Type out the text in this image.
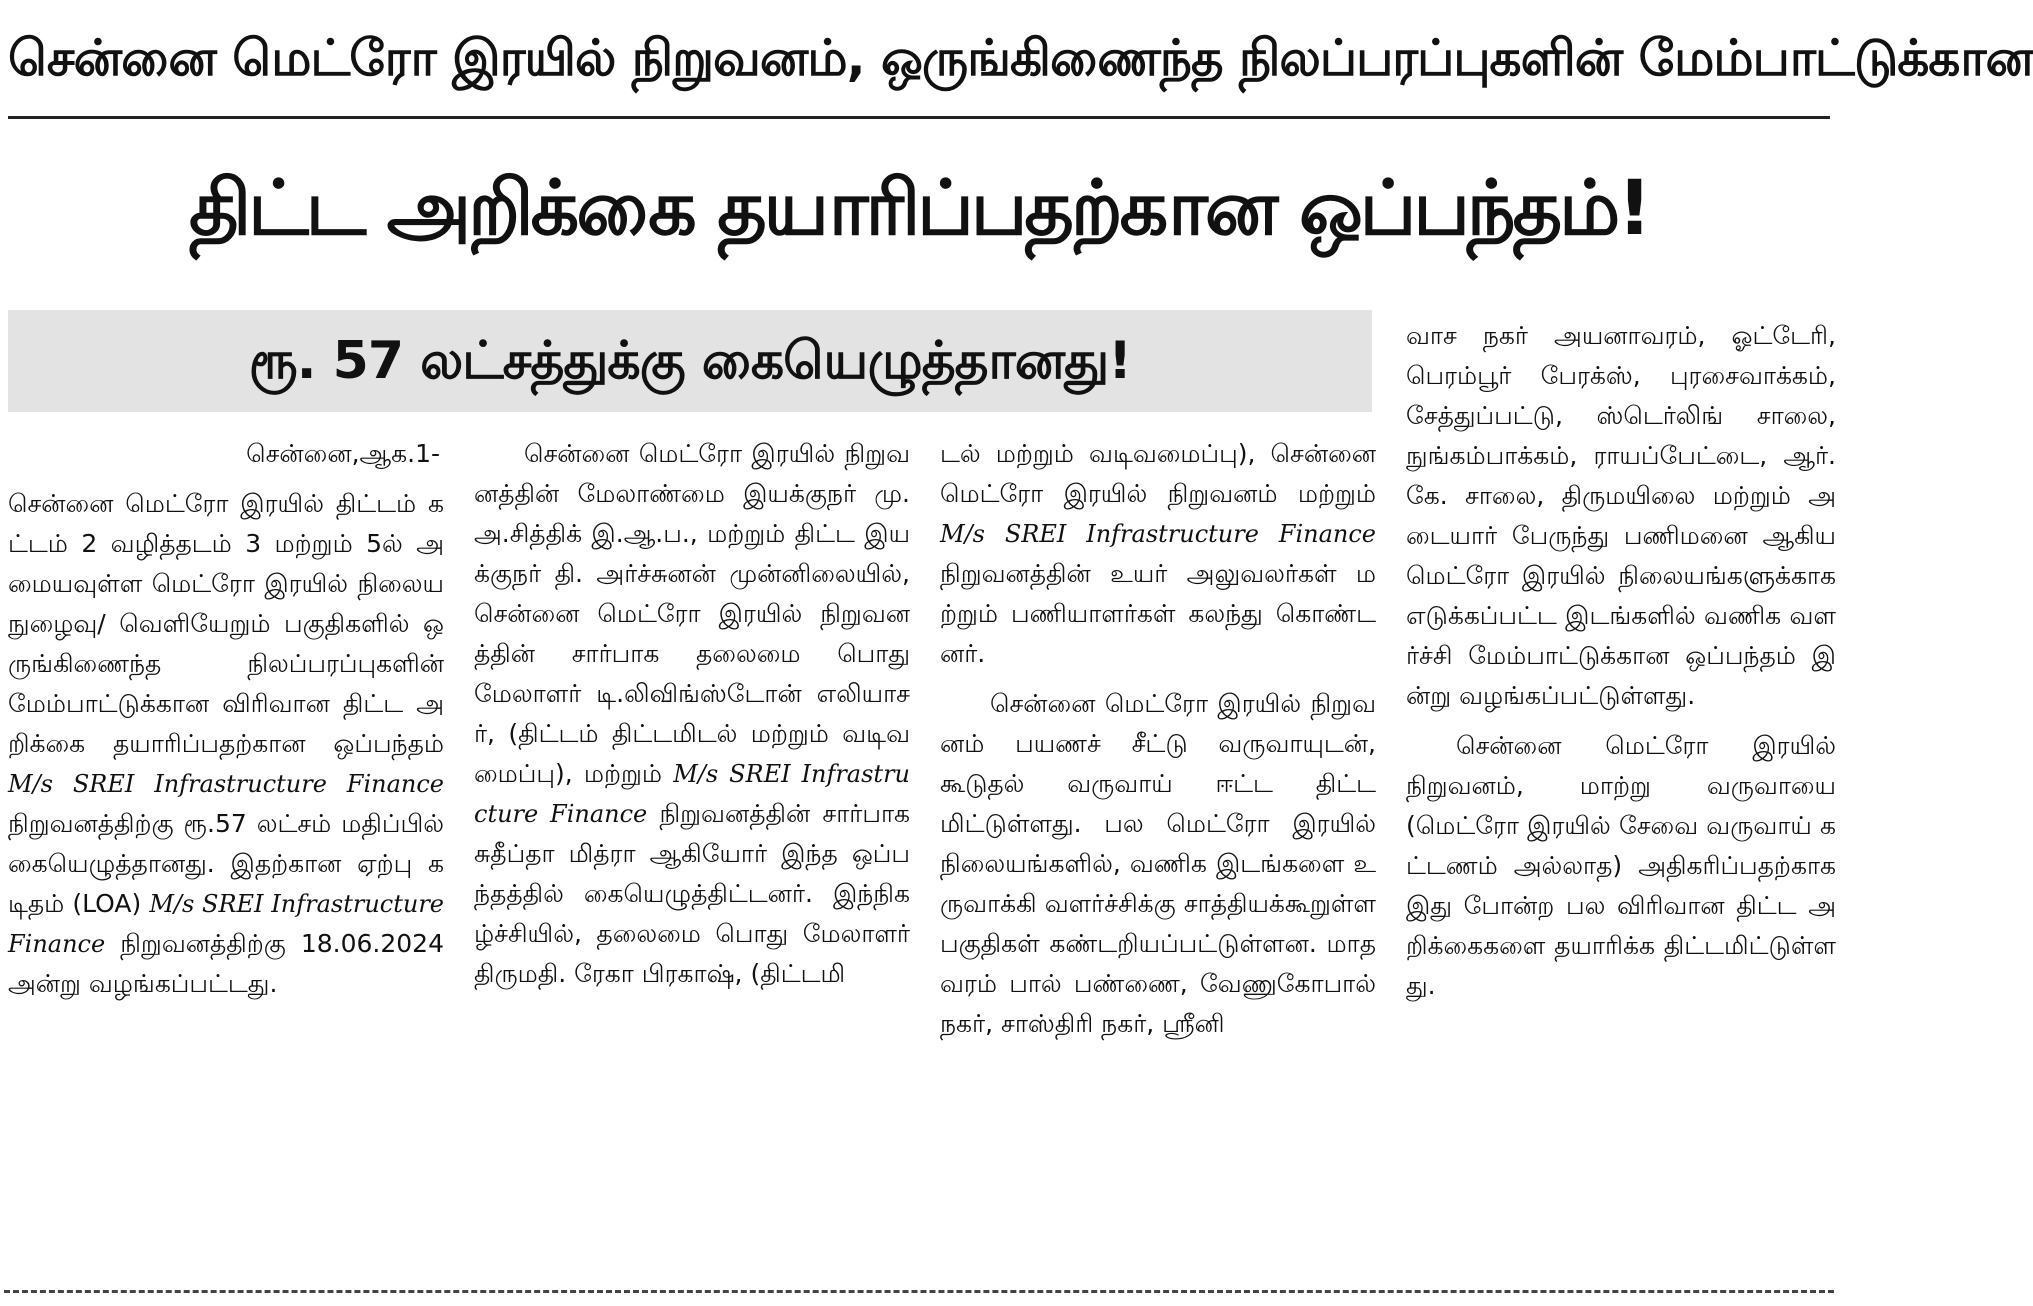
சென்னை மெட்ரோ இரயில் நிறுவனம், ஒருங்கிணைந்த நிலப்பரப்புகளின் மேம்பாட்டுக்கான
திட்ட அறிக்கை தயாரிப்பதற்கான ஒப்பந்தம்!
ரூ. 57 லட்சத்துக்கு கையெழுத்தானது!

சென்னை,ஆக.1-

சென்னை மெட்ரோ இரயில் திட்டம் கட்டம் 2 வழித்தடம் 3 மற்றும் 5ல் அமையவுள்ள மெட்ரோ இரயில் நிலைய நுழைவு/ வெளியேறும் பகுதிகளில் ஒருங்கிணைந்த நிலப்பரப்புகளின் மேம்பாட்டுக்கான விரிவான திட்ட அறிக்கை தயாரிப்பதற்கான ஒப்பந்தம் M/s SREI Infrastructure Finance நிறுவனத்திற்கு ரூ.57 லட்சம் மதிப்பில் கையெழுத்தானது. இதற்கான ஏற்பு கடிதம் (LOA) M/s SREI Infrastructure Finance நிறுவனத்திற்கு 18.06.2024 அன்று வழங்கப்பட்டது.

சென்னை மெட்ரோ இரயில் நிறுவனத்தின் மேலாண்மை இயக்குநர் மு.அ.சித்திக் இ.ஆ.ப., மற்றும் திட்ட இயக்குநர் தி. அர்ச்சுனன் முன்னிலையில், சென்னை மெட்ரோ இரயில் நிறுவனத்தின் சார்பாக தலைமை பொது மேலாளர் டி.லிவிங்ஸ்டோன் எலியாசர், (திட்டம் திட்டமிடல் மற்றும் வடிவமைப்பு), மற்றும் M/s SREI Infrastructure Finance நிறுவனத்தின் சார்பாக சுதீப்தா மித்ரா ஆகியோர் இந்த ஒப்பந்தத்தில் கையெழுத்திட்டனர். இந்நிகழ்ச்சியில், தலைமை பொது மேலாளர் திருமதி. ரேகா பிரகாஷ், (திட்டமி

டல் மற்றும் வடிவமைப்பு), சென்னை மெட்ரோ இரயில் நிறுவனம் மற்றும் M/s SREI Infrastructure Finance நிறுவனத்தின் உயர் அலுவலர்கள் மற்றும் பணியாளர்கள் கலந்து கொண்டனர்.

சென்னை மெட்ரோ இரயில் நிறுவனம் பயணச் சீட்டு வருவாயுடன், கூடுதல் வருவாய் ஈட்ட திட்டமிட்டுள்ளது. பல மெட்ரோ இரயில் நிலையங்களில், வணிக இடங்களை உருவாக்கி வளர்ச்சிக்கு சாத்தியக்கூறுள்ள பகுதிகள் கண்டறியப்பட்டுள்ளன. மாதவரம் பால் பண்ணை, வேணுகோபால் நகர், சாஸ்திரி நகர், ஸ்ரீனி

வாச நகர் அயனாவரம், ஓட்டேரி, பெரம்பூர் பேரக்ஸ், புரசைவாக்கம், சேத்துப்பட்டு, ஸ்டெர்லிங் சாலை, நுங்கம்பாக்கம், ராயப்பேட்டை, ஆர்.கே. சாலை, திருமயிலை மற்றும் அடையார் பேருந்து பணிமனை ஆகிய மெட்ரோ இரயில் நிலையங்களுக்காக எடுக்கப்பட்ட இடங்களில் வணிக வளர்ச்சி மேம்பாட்டுக்கான ஒப்பந்தம் இன்று வழங்கப்பட்டுள்ளது.

சென்னை மெட்ரோ இரயில் நிறுவனம், மாற்று வருவாயை (மெட்ரோ இரயில் சேவை வருவாய் கட்டணம் அல்லாத) அதிகரிப்பதற்காக இது போன்ற பல விரிவான திட்ட அறிக்கைகளை தயாரிக்க திட்டமிட்டுள்ளது.
